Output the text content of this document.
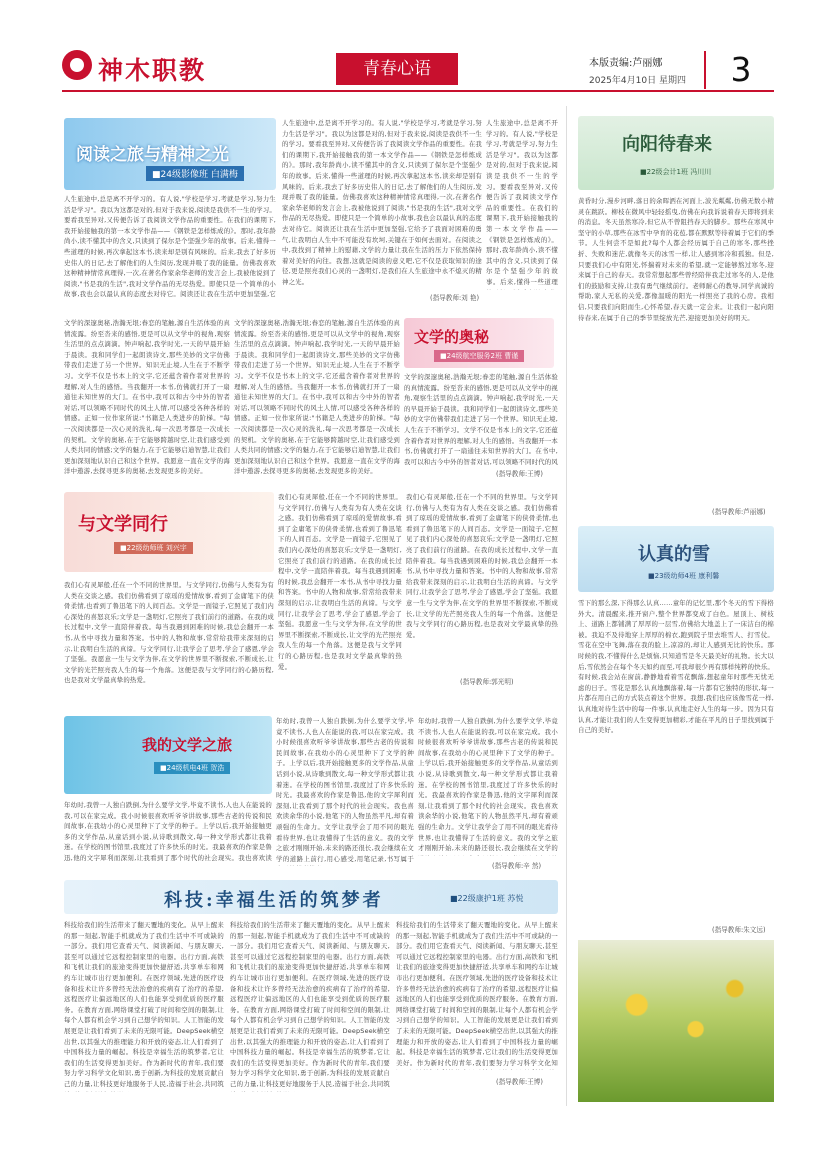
神木职教	青春心语	本版责编:芦丽娜
2025年4月10日 星期四	3
阅读之旅与精神之光
■24级影像班 白满梅
人生旅途中,总是离不开学习的。有人说,"学校是学习,考就是学习,努力生活是学习"。我以为这都是对的,但对于我来说,阅读是我供不一生的学习。要看我至异对,又传便告诉了我阅读文学作品的重要性。在我们的课期下,我开始接触我的第一本文学作品——《钢铁是怎样炼成的》。那时,我年龄尚小,读不懂其中的含义,只读到了保尔是个坚强少年的故事。后来,懂得一些道理的时候,再次拿起这本书,读来却是别有风味的。后来,我去了好多历史伟人的日记,去了解他们的人生阅历,发现并吸了我的能量。仿佛我喜欢这种精神情常真理得,一次,在著名作家余华老师的发言会上,我被他说到了阅读,"书是我的生活",我对文学作品的无尽热爱。即使只是一个简单的小故事,我也会以最认真的态度去对待它。阅读还让我在生活中更加坚强,它
人生旅途中,总是离不开学习的。有人说,"学校是学习,考就是学习,努力生活是学习"。我以为这都是对的,但对于我来说,阅读是我供不一生的学习。要看我至异对,又传便告诉了我阅读文学作品的重要性。在我们的课期下,我开始接触我的第一本文学作品——《钢铁是怎样炼成的》。那时,我年龄尚小,读不懂其中的含义,只读到了保尔是个坚强少年的故事。后来,懂得一些道理的时候,再次拿起这本书,读来却是别有风味的。后来,我去了好多历史伟人的日记,去了解他们的人生阅历,发现并吸了我的能量。仿佛我喜欢这种精神情常真理得,一次,在著名作家余华老师的发言会上,我被他说到了阅读,"书是我的生活",我对文学作品的无尽热爱。即使只是一个简单的小故事,我也会以最认真的态度去对待它。阅读还让我在生活中更加坚强,它给予了我面对困难的勇气,让我明白人生中不可能没有坎坷,关键在于如何去面对。在阅读之中,我找到了精神上的慰藉,文学的力量让我在生活的压力下依然保持着对美好的向往。我想,这就是阅读的意义吧,它不仅是获取知识的途径,更是照亮我们心灵的一盏明灯,是我们在人生旅途中永不熄灭的精神之光。
人生旅途中,总是离不开学习的。有人说,"学校是学习,考就是学习,努力生活是学习"。我以为这都是对的,但对于我来说,阅读是我供不一生的学习。要看我至异对,又传便告诉了我阅读文学作品的重要性。在我们的课期下,我开始接触我的第一本文学作品——《钢铁是怎样炼成的》。那时,我年龄尚小,读不懂其中的含义,只读到了保尔是个坚强少年的故事。后来,懂得一些道理
(指导教师:刘 艳)
文学的深邃奥秘,浩瀚无垠;眷恋的笔触,源自生活体验的真情流露。纷至沓来的感悟,更是可以从文学中的视角,观察生活里的点点滴滴。钟声响起,我学时光,一天的早晨开始于晨读。我和同学们一起朗读诗文,那些美妙的文字仿佛带我们走进了另一个世界。知识无止境,人生在于不断学习。文学不仅是书本上的文字,它还蕴含着作者对世界的理解,对人生的感悟。当我翻开一本书,仿佛就打开了一扇通往未知世界的大门。在书中,我可以和古今中外的智者对话,可以领略不同时代的风土人情,可以感受各种各样的情感。正如一位作家所说:"书籍是人类进步的阶梯。"每一次阅读都是一次心灵的洗礼,每一次思考都是一次成长的契机。文学的奥秘,在于它能够跨越时空,让我们感受到人类共同的情感;文学的魅力,在于它能够启迪智慧,让我们更加深刻地认识自己和这个世界。我愿意一直在文学的海洋中遨游,去探寻更多的奥秘,去发现更多的美好。
文学的深邃奥秘,浩瀚无垠;眷恋的笔触,源自生活体验的真情流露。纷至沓来的感悟,更是可以从文学中的视角,观察生活里的点点滴滴。钟声响起,我学时光,一天的早晨开始于晨读。我和同学们一起朗读诗文,那些美妙的文字仿佛带我们走进了另一个世界。知识无止境,人生在于不断学习。文学不仅是书本上的文字,它还蕴含着作者对世界的理解,对人生的感悟。当我翻开一本书,仿佛就打开了一扇通往未知世界的大门。在书中,我可以和古今中外的智者对话,可以领略不同时代的风土人情,可以感受各种各样的情感。正如一位作家所说:"书籍是人类进步的阶梯。"每一次阅读都是一次心灵的洗礼,每一次思考都是一次成长的契机。文学的奥秘,在于它能够跨越时空,让我们感受到人类共同的情感;文学的魅力,在于它能够启迪智慧,让我们更加深刻地认识自己和这个世界。我愿意一直在文学的海洋中遨游,去探寻更多的奥秘,去发现更多的美好。
文学的奥秘
■24级航空服务2班 曹谨
文学的深邃奥秘,浩瀚无垠;眷恋的笔触,源自生活体验的真情流露。纷至沓来的感悟,更是可以从文学中的视角,观察生活里的点点滴滴。钟声响起,我学时光,一天的早晨开始于晨读。我和同学们一起朗读诗文,那些美妙的文字仿佛带我们走进了另一个世界。知识无止境,人生在于不断学习。文学不仅是书本上的文字,它还蕴含着作者对世界的理解,对人生的感悟。当我翻开一本书,仿佛就打开了一扇通往未知世界的大门。在书中,我可以和古今中外的智者对话,可以领略不同时代的风
(指导教师:王博)
与文学同行
■22级幼师班 刘兴宇
我们心有灵犀般,任在一个不同的世界里。与文学同行,仿佛与人类有为有人类在交谈之感。我们仿佛看到了琼瑶的爱情故事,看到了金庸笔下的侠骨柔情,也看到了鲁迅笔下的人间百态。文学是一面镜子,它照见了我们内心深处的喜怒哀乐;文学是一盏明灯,它照亮了我们前行的道路。在我的成长过程中,文学一直陪伴着我。每当我遇到困难的时候,我总会翻开一本书,从书中寻找力量和答案。书中的人物和故事,常常给我带来深刻的启示,让我明白生活的真谛。与文学同行,让我学会了思考,学会了感恩,学会了坚强。我愿意一生与文学为伴,在文学的世界里不断探索,不断成长,让文学的光芒照亮我人生的每一个角落。这便是我与文学同行的心路历程,也是我对文学最真挚的热爱。
我们心有灵犀般,任在一个不同的世界里。与文学同行,仿佛与人类有为有人类在交谈之感。我们仿佛看到了琼瑶的爱情故事,看到了金庸笔下的侠骨柔情,也看到了鲁迅笔下的人间百态。文学是一面镜子,它照见了我们内心深处的喜怒哀乐;文学是一盏明灯,它照亮了我们前行的道路。在我的成长过程中,文学一直陪伴着我。每当我遇到困难的时候,我总会翻开一本书,从书中寻找力量和答案。书中的人物和故事,常常给我带来深刻的启示,让我明白生活的真谛。与文学同行,让我学会了思考,学会了感恩,学会了坚强。我愿意一生与文学为伴,在文学的世界里不断探索,不断成长,让文学的光芒照亮我人生的每一个角落。这便是我与文学同行的心路历程,也是我对文学最真挚的热爱。
我们心有灵犀般,任在一个不同的世界里。与文学同行,仿佛与人类有为有人类在交谈之感。我们仿佛看到了琼瑶的爱情故事,看到了金庸笔下的侠骨柔情,也看到了鲁迅笔下的人间百态。文学是一面镜子,它照见了我们内心深处的喜怒哀乐;文学是一盏明灯,它照亮了我们前行的道路。在我的成长过程中,文学一直陪伴着我。每当我遇到困难的时候,我总会翻开一本书,从书中寻找力量和答案。书中的人物和故事,常常给我带来深刻的启示,让我明白生活的真谛。与文学同行,让我学会了思考,学会了感恩,学会了坚强。我愿意一生与文学为伴,在文学的世界里不断探索,不断成长,让文学的光芒照亮我人生的每一个角落。这便是我与文学同行的心路历程,也是我对文学最真挚的热爱。
(指导教师:郭光明)
我的文学之旅
■24级机电4班 贺浩
年幼时,我曾一人独自跌倒,为什么要学文学,毕竟不读书,人也人在能说的我,可以在家完成。我小时候很喜欢听爷爷讲故事,那些古老的传说和民间故事,在我幼小的心灵里种下了文学的种子。上学以后,我开始接触更多的文学作品,从童话到小说,从诗歌到散文,每一种文学形式都让我着迷。在学校的图书馆里,我度过了许多快乐的时光。我最喜欢的作家是鲁迅,他的文字犀利而深刻,让我看到了那个时代的社会现实。我也喜欢读
年幼时,我曾一人独自跌倒,为什么要学文学,毕竟不读书,人也人在能说的我,可以在家完成。我小时候很喜欢听爷爷讲故事,那些古老的传说和民间故事,在我幼小的心灵里种下了文学的种子。上学以后,我开始接触更多的文学作品,从童话到小说,从诗歌到散文,每一种文学形式都让我着迷。在学校的图书馆里,我度过了许多快乐的时光。我最喜欢的作家是鲁迅,他的文字犀利而深刻,让我看到了那个时代的社会现实。我也喜欢读余华的小说,他笔下的人物虽然平凡,却有着顽强的生命力。文学让我学会了用不同的眼光看待世界,也让我懂得了生活的意义。我的文学之旅才刚刚开始,未来的路还很长,我会继续在文学的道路上前行,用心感受,用笔记录,书写属于
年幼时,我曾一人独自跌倒,为什么要学文学,毕竟不读书,人也人在能说的我,可以在家完成。我小时候很喜欢听爷爷讲故事,那些古老的传说和民间故事,在我幼小的心灵里种下了文学的种子。上学以后,我开始接触更多的文学作品,从童话到小说,从诗歌到散文,每一种文学形式都让我着迷。在学校的图书馆里,我度过了许多快乐的时光。我最喜欢的作家是鲁迅,他的文字犀利而深刻,让我看到了那个时代的社会现实。我也喜欢读余华的小说,他笔下的人物虽然平凡,却有着顽强的生命力。文学让我学会了用不同的眼光看待世界,也让我懂得了生活的意义。我的文学之旅才刚刚开始,未来的路还很长,我会继续在文学的
(指导教师:辛 然)
科技:幸福生活的筑梦者	■22级康护1班 苏悦
科技给我们的生活带来了翻天覆地的变化。从早上醒来的那一刻起,智能手机就成为了我们生活中不可或缺的一部分。我们用它查看天气、阅读新闻、与朋友聊天,甚至可以通过它远程控制家里的电器。出行方面,高铁和飞机让我们的旅途变得更加快捷舒适,共享单车和网约车让城市出行更加便利。在医疗领域,先进的医疗设备和技术让许多曾经无法治愈的疾病有了治疗的希望,远程医疗让偏远地区的人们也能享受到优质的医疗服务。在教育方面,网络课堂打破了时间和空间的限制,让每个人都有机会学习到自己想学的知识。人工智能的发展更是让我们看到了未来的无限可能。DeepSeek横空出世,以其强大的推理能力和开放的姿态,让人们看到了中国科技力量的崛起。科技是幸福生活的筑梦者,它让我们的生活变得更加美好。作为新时代的青年,我们要努力学习科学文化知识,勇于创新,为科技的发展贡献自己的力量,让科技更好地服务于人民,造福于社会,共同筑
科技给我们的生活带来了翻天覆地的变化。从早上醒来的那一刻起,智能手机就成为了我们生活中不可或缺的一部分。我们用它查看天气、阅读新闻、与朋友聊天,甚至可以通过它远程控制家里的电器。出行方面,高铁和飞机让我们的旅途变得更加快捷舒适,共享单车和网约车让城市出行更加便利。在医疗领域,先进的医疗设备和技术让许多曾经无法治愈的疾病有了治疗的希望,远程医疗让偏远地区的人们也能享受到优质的医疗服务。在教育方面,网络课堂打破了时间和空间的限制,让每个人都有机会学习到自己想学的知识。人工智能的发展更是让我们看到了未来的无限可能。DeepSeek横空出世,以其强大的推理能力和开放的姿态,让人们看到了中国科技力量的崛起。科技是幸福生活的筑梦者,它让我们的生活变得更加美好。作为新时代的青年,我们要努力学习科学文化知识,勇于创新,为科技的发展贡献自己的力量,让科技更好地服务于人民,造福于社会,共同筑
科技给我们的生活带来了翻天覆地的变化。从早上醒来的那一刻起,智能手机就成为了我们生活中不可或缺的一部分。我们用它查看天气、阅读新闻、与朋友聊天,甚至可以通过它远程控制家里的电器。出行方面,高铁和飞机让我们的旅途变得更加快捷舒适,共享单车和网约车让城市出行更加便利。在医疗领域,先进的医疗设备和技术让许多曾经无法治愈的疾病有了治疗的希望,远程医疗让偏远地区的人们也能享受到优质的医疗服务。在教育方面,网络课堂打破了时间和空间的限制,让每个人都有机会学习到自己想学的知识。人工智能的发展更是让我们看到了未来的无限可能。DeepSeek横空出世,以其强大的推理能力和开放的姿态,让人们看到了中国科技力量的崛起。科技是幸福生活的筑梦者,它让我们的生活变得更加美好。作为新时代的青年,我们要努力学习科学文化知
(指导教师:王博)
向阳待春来
■22级会计1班 冯川川
黄昏时分,漫步河畔,落日的余晖洒在河面上,波光粼粼,仿佛无数小精灵在跳跃。柳枝在微风中轻轻摇曳,仿佛在向我诉说着春天即将到来的消息。冬天虽然寒冷,但它从不曾阻挡春天的脚步。那些在寒风中坚守的小草,那些在冰雪中孕育的花苞,都在默默等待着属于它们的季节。人生何尝不是如此?每个人都会经历属于自己的寒冬,那些挫折、失败和迷茫,就像冬天的冰雪一样,让人感到寒冷和孤独。但是,只要我们心中有阳光,怀揣着对未来的希望,就一定能够熬过寒冬,迎来属于自己的春天。我常常想起那些曾经陪伴我走过寒冬的人,是他们的鼓励和支持,让我有勇气继续前行。老师耐心的教导,同学真诚的帮助,家人无私的关爱,都像温暖的阳光一样照亮了我的心房。我相信,只要我们向阳而生,心怀希望,春天就一定会来。让我们一起向阳待春来,在属于自己的季节里绽放光芒,迎接更加美好的明天。
(指导教师:芦丽娜)
认真的雪
■23级幼师4班 康利馨
雪下的那么深,下得那么认真……童年的记忆里,那个冬天的雪下得格外大。清晨醒来,推开窗户,整个世界都变成了白色。屋顶上、树枝上、道路上都铺满了厚厚的一层雪,仿佛给大地盖上了一床洁白的棉被。我迫不及待地穿上厚厚的棉衣,跑到院子里去堆雪人、打雪仗。雪花在空中飞舞,落在我的脸上,凉凉的,却让人感到无比的快乐。那时候的我,不懂得什么是烦恼,只知道雪是冬天最美好的礼物。长大以后,雪依然会在每个冬天如约而至,可我却很少再有那样纯粹的快乐。有时候,我会站在窗前,静静地看着雪花飘落,想起童年时那些无忧无虑的日子。雪花是那么认真地飘落着,每一片都有它独特的形状,每一片都在用自己的方式装点着这个世界。我想,我们也应该像雪花一样,认真地对待生活中的每一件事,认真地走好人生的每一步。因为只有认真,才能让我们的人生变得更加精彩,才能在平凡的日子里找到属于自己的美好。
(指导教师:朱文远)
